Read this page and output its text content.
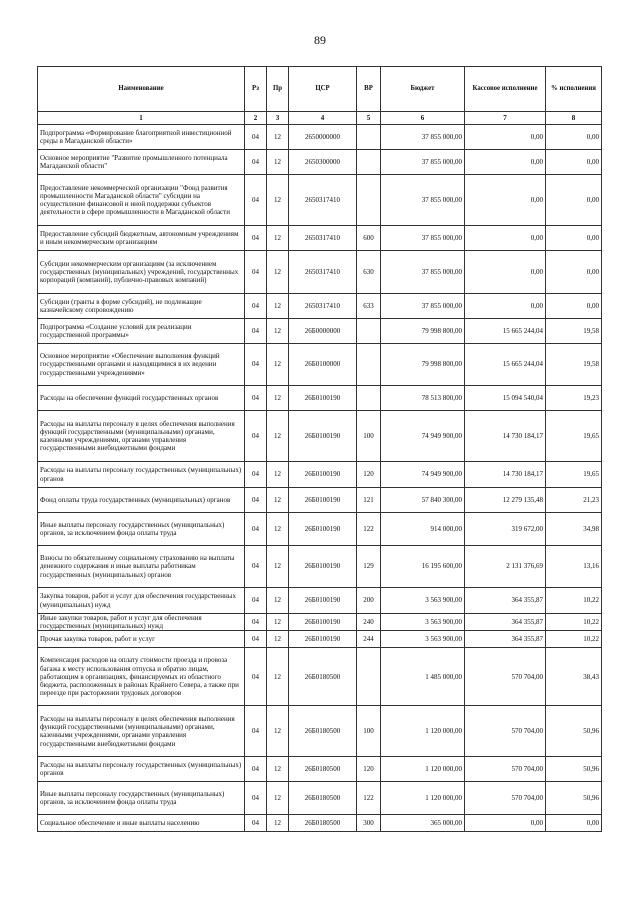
89
Наименование	Рз	Пр	ЦСР	ВР	Бюджет	Кассовое исполнение	% исполнения
1	2	3	4	5	6	7	8
Подпрограмма «Формирование благоприятной инвестиционной среды в Магаданской области»	04	12	2650000000		37 855 000,00	0,00	0,00
Основное мероприятие "Развитие промышленного потенциала Магаданской области"	04	12	2650300000		37 855 000,00	0,00	0,00
Предоставление некоммерческой организации "Фонд развития промышленности Магаданской области" субсидии на осуществление финансовой и иной поддержки субъектов деятельности в сфере промышленности в Магаданской области	04	12	2650317410		37 855 000,00	0,00	0,00
Предоставление субсидий бюджетным, автономным учреждениям и иным некоммерческим организациям	04	12	2650317410	600	37 855 000,00	0,00	0,00
Субсидии некоммерческим организациям (за исключением государственных (муниципальных) учреждений, государственных корпораций (компаний), публично-правовых компаний)	04	12	2650317410	630	37 855 000,00	0,00	0,00
Субсидии (гранты в форме субсидий), не подлежащие казначейскому сопровождению	04	12	2650317410	633	37 855 000,00	0,00	0,00
Подпрограмма «Создание условий для реализации государственной программы»	04	12	26Б0000000		79 998 800,00	15 665 244,04	19,58
Основное мероприятие «Обеспечение выполнения функций государственными органами и находящимися в их ведении государственными учреждениями»	04	12	26Б0100000		79 998 800,00	15 665 244,04	19,58
Расходы на обеспечение функций государственных органов	04	12	26Б0100190		78 513 800,00	15 094 540,04	19,23
Расходы на выплаты персоналу в целях обеспечения выполнения функций государственными (муниципальными) органами, казенными учреждениями, органами управления государственными внебюджетными фондами	04	12	26Б0100190	100	74 949 900,00	14 730 184,17	19,65
Расходы на выплаты персоналу государственных (муниципальных) органов	04	12	26Б0100190	120	74 949 900,00	14 730 184,17	19,65
Фонд оплаты труда государственных (муниципальных) органов	04	12	26Б0100190	121	57 840 300,00	12 279 135,48	21,23
Иные выплаты персоналу государственных (муниципальных) органов, за исключением фонда оплаты труда	04	12	26Б0100190	122	914 000,00	319 672,00	34,98
Взносы по обязательному социальному страхованию на выплаты денежного содержания и иные выплаты работникам государственных (муниципальных) органов	04	12	26Б0100190	129	16 195 600,00	2 131 376,69	13,16
Закупка товаров, работ и услуг для обеспечения государственных (муниципальных) нужд	04	12	26Б0100190	200	3 563 900,00	364 355,87	10,22
Иные закупки товаров, работ и услуг для обеспечения государственных (муниципальных) нужд	04	12	26Б0100190	240	3 563 900,00	364 355,87	10,22
Прочая закупка товаров, работ и услуг	04	12	26Б0100190	244	3 563 900,00	364 355,87	10,22
Компенсация расходов на оплату стоимости проезда и провоза багажа к месту использования отпуска и обратно лицам, работающим в организациях, финансируемых из областного бюджета, расположенных в районах Крайнего Севера, а также при переезде при расторжении трудовых договоров	04	12	26Б0180500		1 485 000,00	570 704,00	38,43
Расходы на выплаты персоналу в целях обеспечения выполнения функций государственными (муниципальными) органами, казенными учреждениями, органами управления государственными внебюджетными фондами	04	12	26Б0180500	100	1 120 000,00	570 704,00	50,96
Расходы на выплаты персоналу государственных (муниципальных) органов	04	12	26Б0180500	120	1 120 000,00	570 704,00	50,96
Иные выплаты персоналу государственных (муниципальных) органов, за исключением фонда оплаты труда	04	12	26Б0180500	122	1 120 000,00	570 704,00	50,96
Социальное обеспечение и иные выплаты населению	04	12	26Б0180500	300	365 000,00	0,00	0,00
